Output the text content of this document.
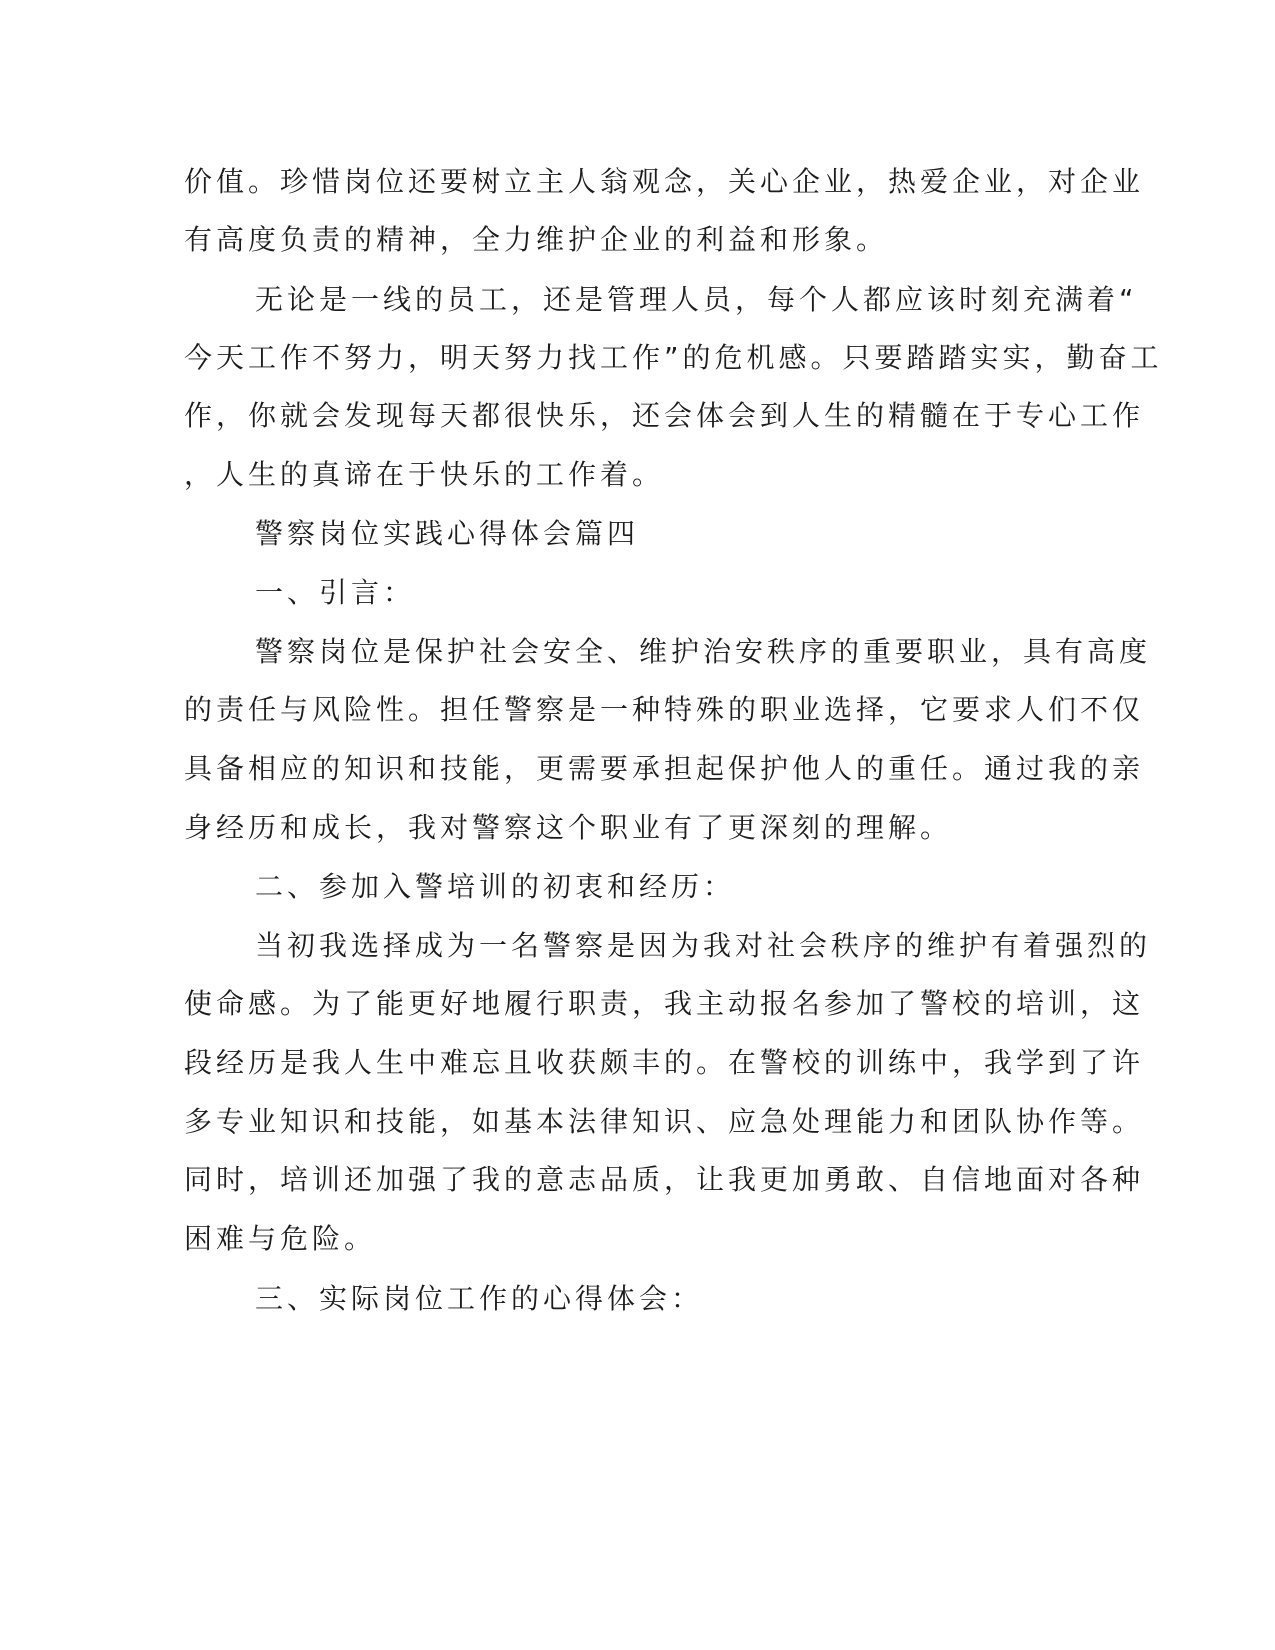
价值。珍惜岗位还要树立主人翁观念，关心企业，热爱企业，对企业
有高度负责的精神，全力维护企业的利益和形象。
无论是一线的员工，还是管理人员，每个人都应该时刻充满着“
今天工作不努力，明天努力找工作”的危机感。只要踏踏实实，勤奋工
作，你就会发现每天都很快乐，还会体会到人生的精髓在于专心工作
，人生的真谛在于快乐的工作着。
警察岗位实践心得体会篇四
一、引言：
警察岗位是保护社会安全、维护治安秩序的重要职业，具有高度
的责任与风险性。担任警察是一种特殊的职业选择，它要求人们不仅
具备相应的知识和技能，更需要承担起保护他人的重任。通过我的亲
身经历和成长，我对警察这个职业有了更深刻的理解。
二、参加入警培训的初衷和经历：
当初我选择成为一名警察是因为我对社会秩序的维护有着强烈的
使命感。为了能更好地履行职责，我主动报名参加了警校的培训，这
段经历是我人生中难忘且收获颇丰的。在警校的训练中，我学到了许
多专业知识和技能，如基本法律知识、应急处理能力和团队协作等。
同时，培训还加强了我的意志品质，让我更加勇敢、自信地面对各种
困难与危险。
三、实际岗位工作的心得体会：
